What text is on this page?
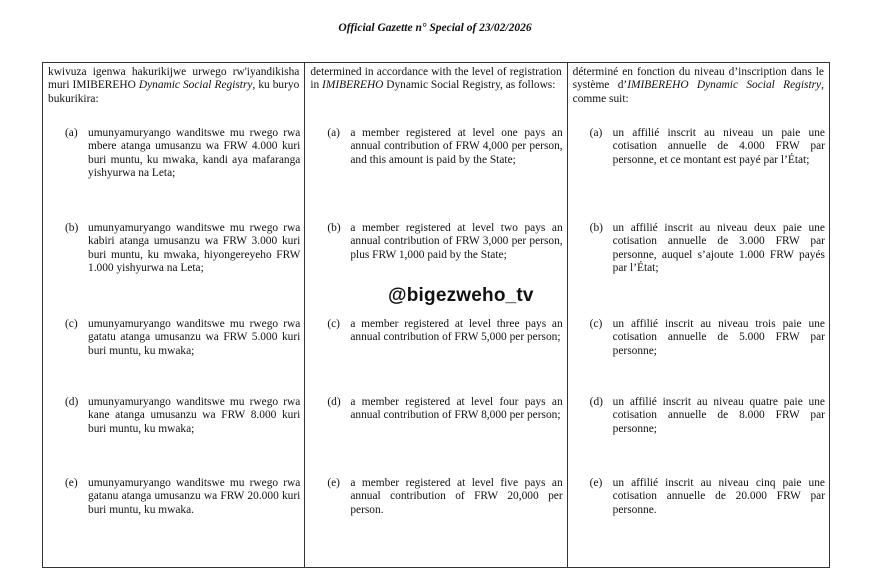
Official Gazette n° Special of 23/02/2026

kwivuza igenwa hakurikijwe urwego rw'iyandikisha muri IMIBEREHO Dynamic Social Registry, ku buryo bukurikira:

(a) umunyamuryango wanditswe mu rwego rwa mbere atanga umusanzu wa FRW 4.000 kuri buri muntu, ku mwaka, kandi aya mafaranga yishyurwa na Leta;
(b) umunyamuryango wanditswe mu rwego rwa kabiri atanga umusanzu wa FRW 3.000 kuri buri muntu, ku mwaka, hiyongereyeho FRW 1.000 yishyurwa na Leta;
(c) umunyamuryango wanditswe mu rwego rwa gatatu atanga umusanzu wa FRW 5.000 kuri buri muntu, ku mwaka;
(d) umunyamuryango wanditswe mu rwego rwa kane atanga umusanzu wa FRW 8.000 kuri buri muntu, ku mwaka;
(e) umunyamuryango wanditswe mu rwego rwa gatanu atanga umusanzu wa FRW 20.000 kuri buri muntu, ku mwaka.

determined in accordance with the level of registration in IMIBEREHO Dynamic Social Registry, as follows:

(a) a member registered at level one pays an annual contribution of FRW 4,000 per person, and this amount is paid by the State;
(b) a member registered at level two pays an annual contribution of FRW 3,000 per person, plus FRW 1,000 paid by the State;
(c) a member registered at level three pays an annual contribution of FRW 5,000 per person;
(d) a member registered at level four pays an annual contribution of FRW 8,000 per person;
(e) a member registered at level five pays an annual contribution of FRW 20,000 per person.

déterminé en fonction du niveau d’inscription dans le système d’IMIBEREHO Dynamic Social Registry, comme suit:

(a) un affilié inscrit au niveau un paie une cotisation annuelle de 4.000 FRW par personne, et ce montant est payé par l’État;
(b) un affilié inscrit au niveau deux paie une cotisation annuelle de 3.000 FRW par personne, auquel s’ajoute 1.000 FRW payés par l’État;
(c) un affilié inscrit au niveau trois paie une cotisation annuelle de 5.000 FRW par personne;
(d) un affilié inscrit au niveau quatre paie une cotisation annuelle de 8.000 FRW par personne;
(e) un affilié inscrit au niveau cinq paie une cotisation annuelle de 20.000 FRW par personne.
@bigezweho_tv
